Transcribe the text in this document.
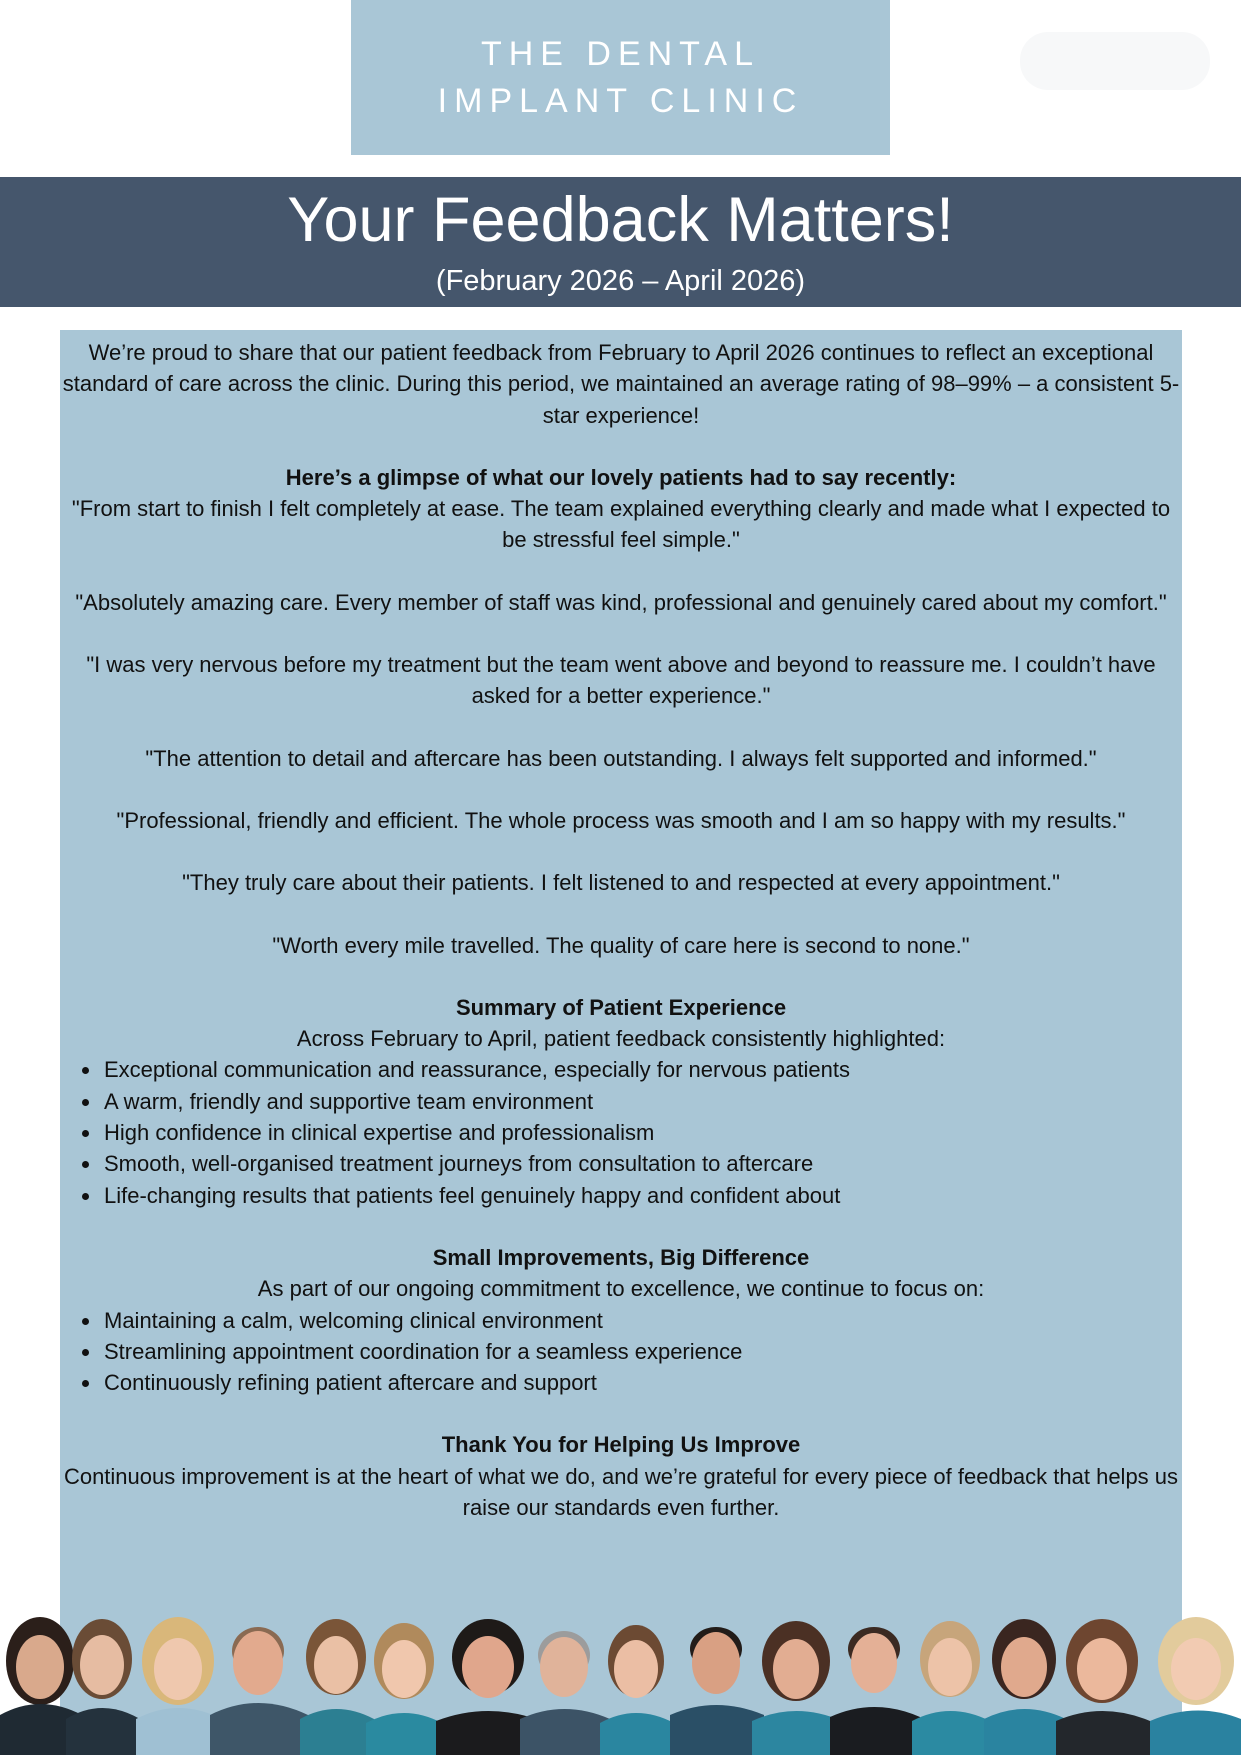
THE DENTAL
IMPLANT CLINIC
Your Feedback Matters!
(February 2026 – April 2026)

We’re proud to share that our patient feedback from February to April 2026 continues to reflect an exceptional standard of care across the clinic. During this period, we maintained an average rating of 98–99% – a consistent 5-star experience!

Here’s a glimpse of what our lovely patients had to say recently:

"From start to finish I felt completely at ease. The team explained everything clearly and made what I expected to be stressful feel simple."

"Absolutely amazing care. Every member of staff was kind, professional and genuinely cared about my comfort."

"I was very nervous before my treatment but the team went above and beyond to reassure me. I couldn’t have asked for a better experience."

"The attention to detail and aftercare has been outstanding. I always felt supported and informed."

"Professional, friendly and efficient. The whole process was smooth and I am so happy with my results."

"They truly care about their patients. I felt listened to and respected at every appointment."

"Worth every mile travelled. The quality of care here is second to none."

Summary of Patient Experience

Across February to April, patient feedback consistently highlighted:

Exceptional communication and reassurance, especially for nervous patients
A warm, friendly and supportive team environment
High confidence in clinical expertise and professionalism
Smooth, well-organised treatment journeys from consultation to aftercare
Life-changing results that patients feel genuinely happy and confident about

Small Improvements, Big Difference

As part of our ongoing commitment to excellence, we continue to focus on:

Maintaining a calm, welcoming clinical environment
Streamlining appointment coordination for a seamless experience
Continuously refining patient aftercare and support

Thank You for Helping Us Improve

Continuous improvement is at the heart of what we do, and we’re grateful for every piece of feedback that helps us raise our standards even further.
